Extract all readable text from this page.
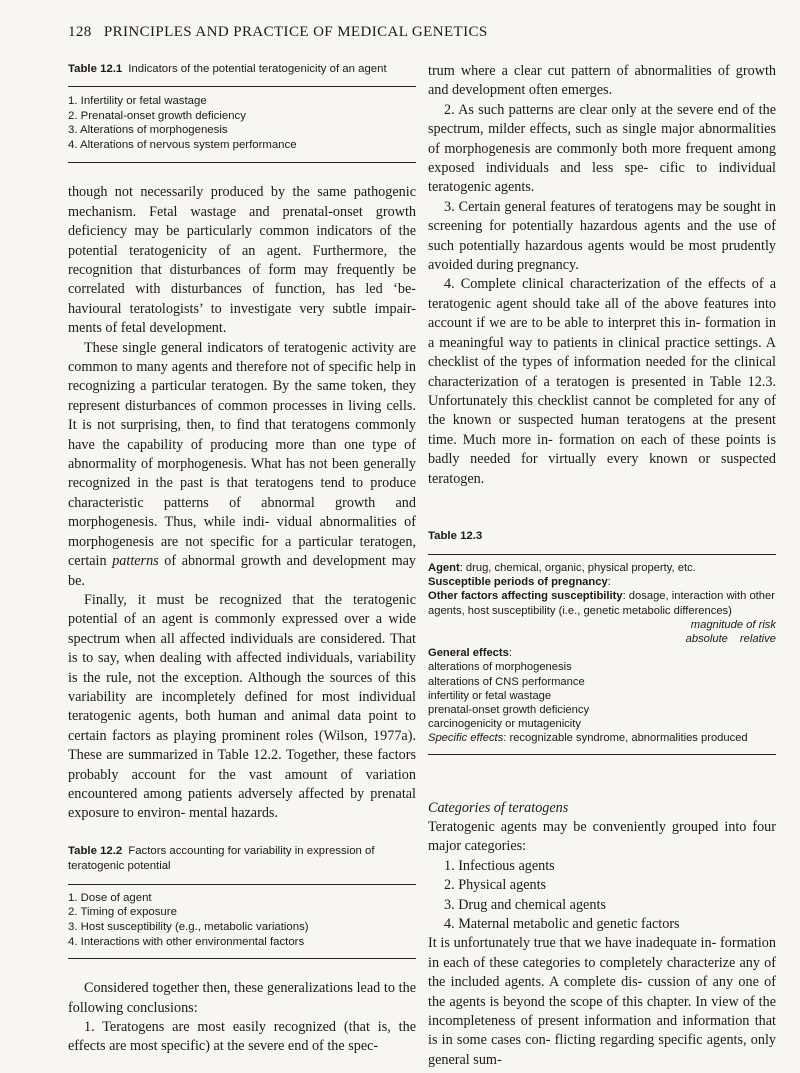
128 PRINCIPLES AND PRACTICE OF MEDICAL GENETICS
Table 12.1 Indicators of the potential teratogenicity of an agent
1. Infertility or fetal wastage
2. Prenatal-onset growth deficiency
3. Alterations of morphogenesis
4. Alterations of nervous system performance

though not necessarily produced by the same pathogenic mechanism. Fetal wastage and prenatal-onset growth deficiency may be particularly common indicators of the potential teratogenicity of an agent. Furthermore, the recognition that disturbances of form may frequently be correlated with disturbances of function, has led ‘be- havioural teratologists’ to investigate very subtle impair- ments of fetal development.

These single general indicators of teratogenic activity are common to many agents and therefore not of specific help in recognizing a particular teratogen. By the same token, they represent disturbances of common processes in living cells. It is not surprising, then, to find that teratogens commonly have the capability of producing more than one type of abnormality of morphogenesis. What has not been generally recognized in the past is that teratogens tend to produce characteristic patterns of abnormal growth and morphogenesis. Thus, while indi- vidual abnormalities of morphogenesis are not specific for a particular teratogen, certain patterns of abnormal growth and development may be.

Finally, it must be recognized that the teratogenic potential of an agent is commonly expressed over a wide spectrum when all affected individuals are considered. That is to say, when dealing with affected individuals, variability is the rule, not the exception. Although the sources of this variability are incompletely defined for most individual teratogenic agents, both human and animal data point to certain factors as playing prominent roles (Wilson, 1977a). These are summarized in Table 12.2. Together, these factors probably account for the vast amount of variation encountered among patients adversely affected by prenatal exposure to environ- mental hazards.

Table 12.2 Factors accounting for variability in expression of teratogenic potential
1. Dose of agent
2. Timing of exposure
3. Host susceptibility (e.g., metabolic variations)
4. Interactions with other environmental factors

Considered together then, these generalizations lead to the following conclusions:

1. Teratogens are most easily recognized (that is, the effects are most specific) at the severe end of the spec-

trum where a clear cut pattern of abnormalities of growth and development often emerges.

2. As such patterns are clear only at the severe end of the spectrum, milder effects, such as single major abnormalities of morphogenesis are commonly both more frequent among exposed individuals and less spe- cific to individual teratogenic agents.

3. Certain general features of teratogens may be sought in screening for potentially hazardous agents and the use of such potentially hazardous agents would be most prudently avoided during pregnancy.

4. Complete clinical characterization of the effects of a teratogenic agent should take all of the above features into account if we are to be able to interpret this in- formation in a meaningful way to patients in clinical practice settings. A checklist of the types of information needed for the clinical characterization of a teratogen is presented in Table 12.3. Unfortunately this checklist cannot be completed for any of the known or suspected human teratogens at the present time. Much more in- formation on each of these points is badly needed for virtually every known or suspected teratogen.

Table 12.3
Agent: drug, chemical, organic, physical property, etc.
Susceptible periods of pregnancy:
Other factors affecting susceptibility: dosage, interaction with other agents, host susceptibility (i.e., genetic metabolic differences)
magnitude of risk
absolute relative
General effects:
alterations of morphogenesis
alterations of CNS performance
infertility or fetal wastage
prenatal-onset growth deficiency
carcinogenicity or mutagenicity
Specific effects: recognizable syndrome, abnormalities produced
Categories of teratogens

Teratogenic agents may be conveniently grouped into four major categories:

1. Infectious agents
2. Physical agents
3. Drug and chemical agents
4. Maternal metabolic and genetic factors

It is unfortunately true that we have inadequate in- formation in each of these categories to completely characterize any of the included agents. A complete dis- cussion of any one of the agents is beyond the scope of this chapter. In view of the incompleteness of present information and information that is in some cases con- flicting regarding specific agents, only general sum-
